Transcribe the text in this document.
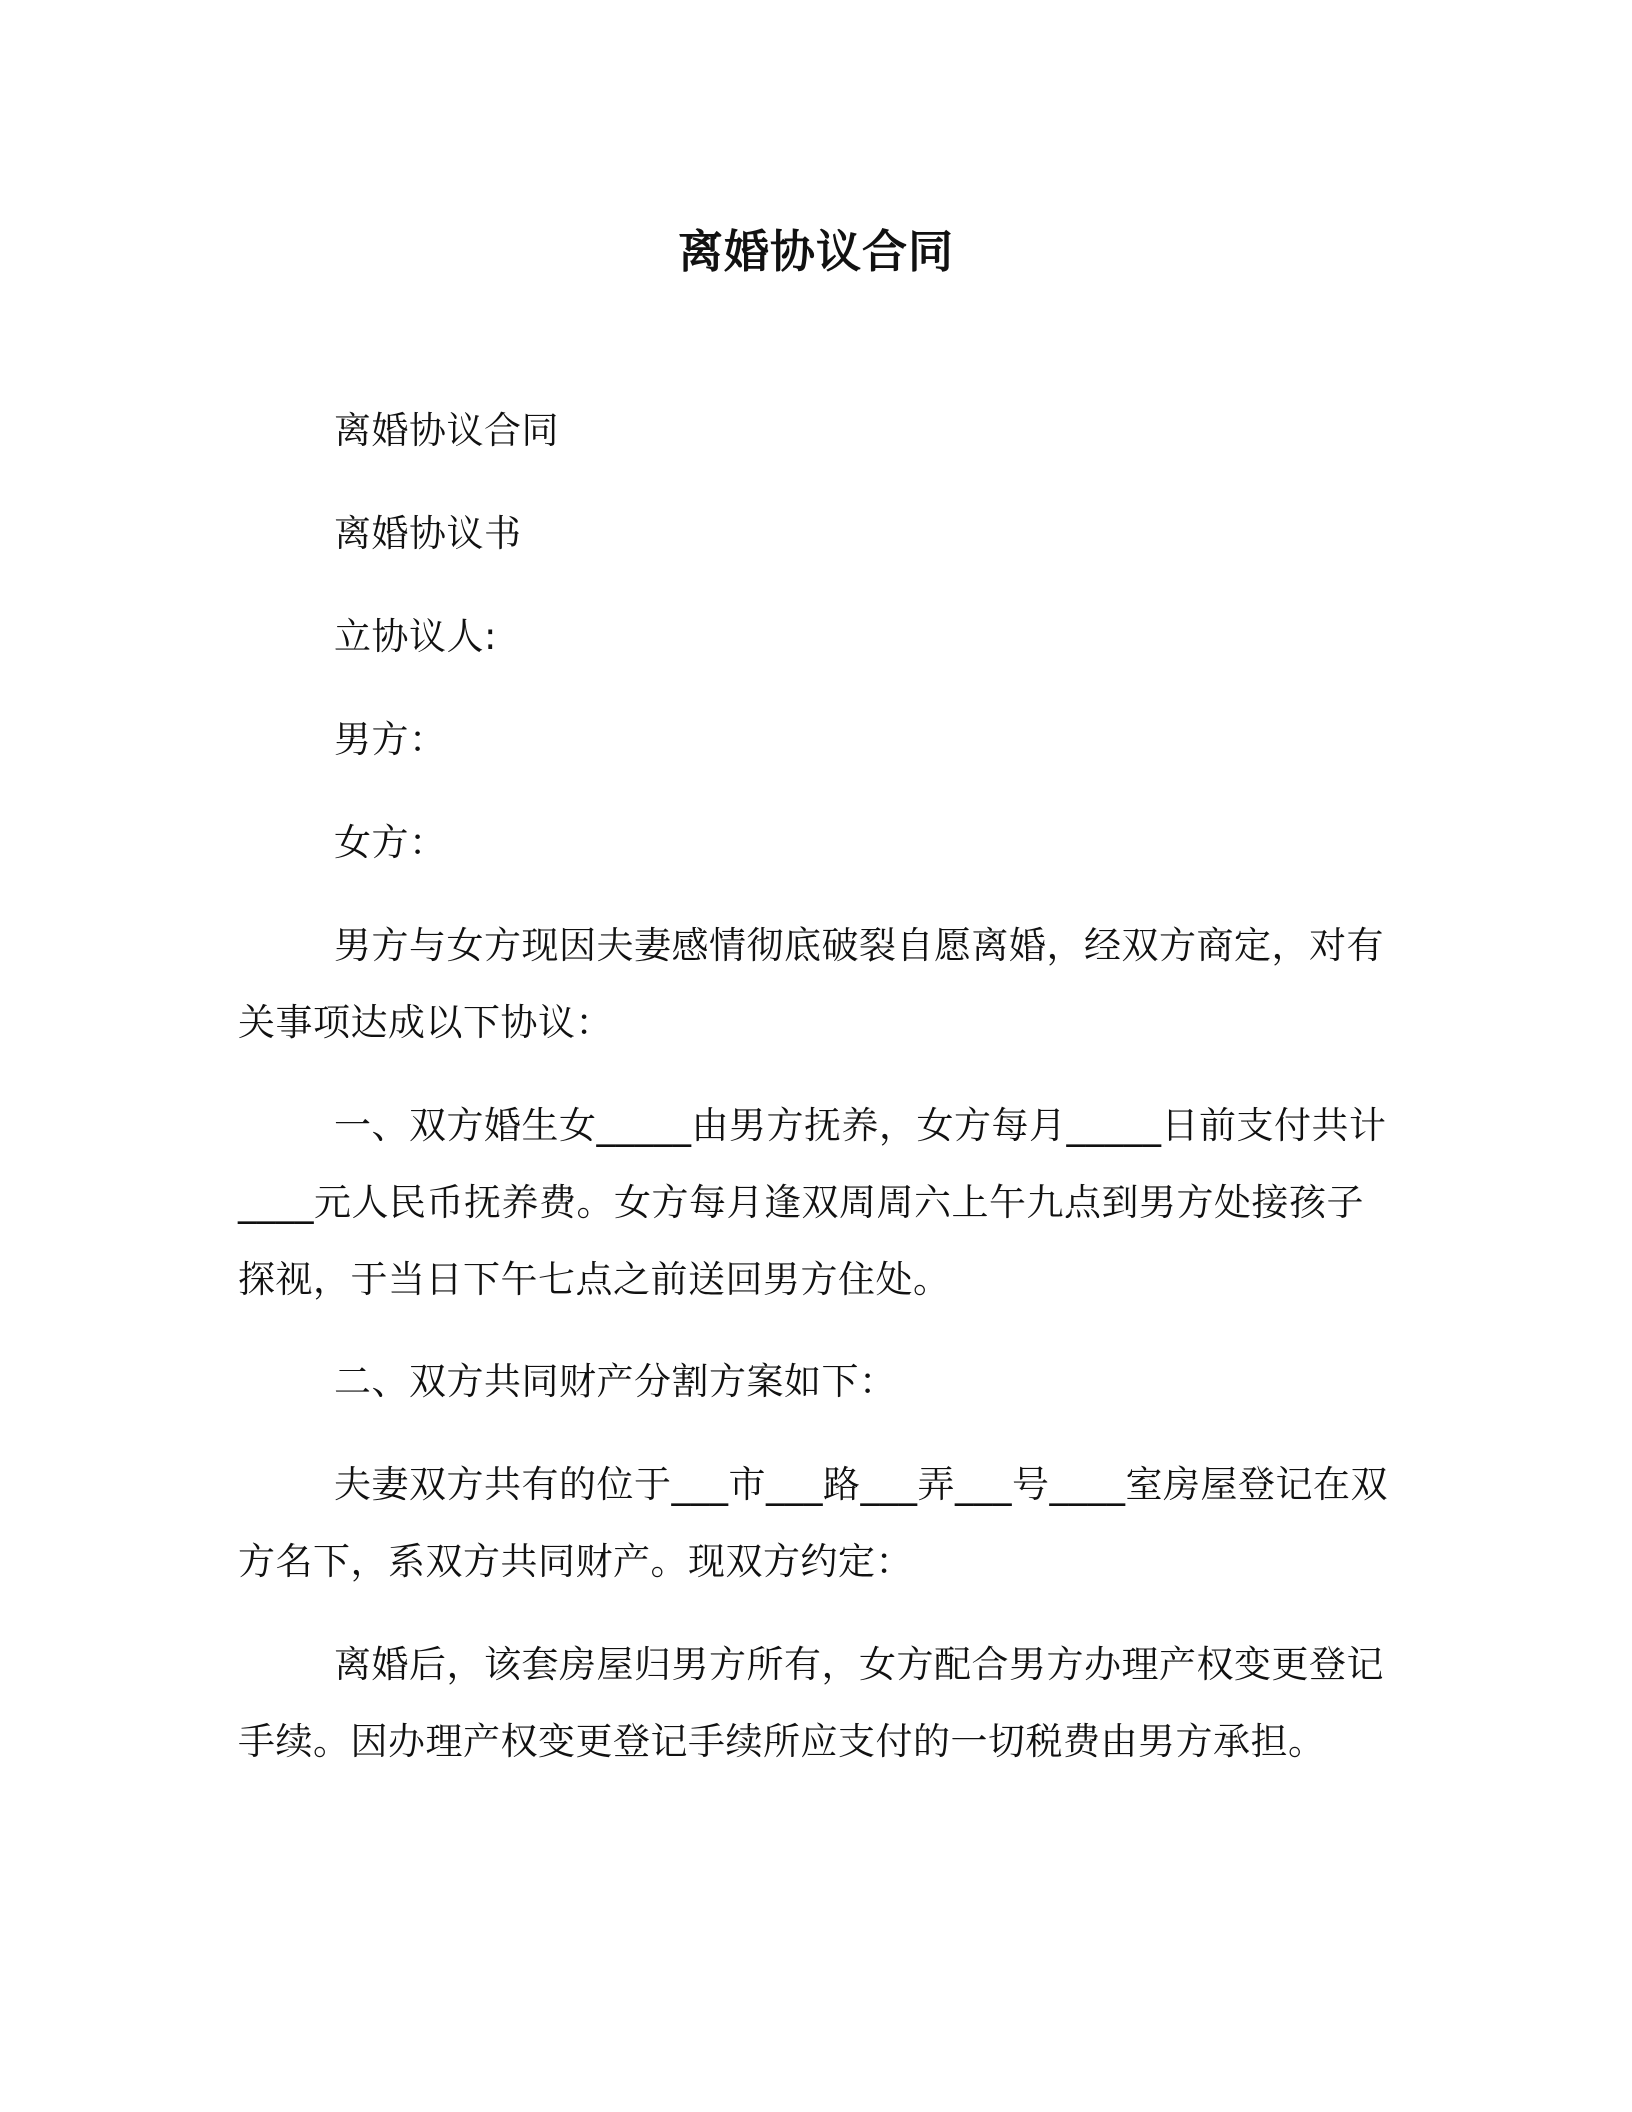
离婚协议合同

离婚协议合同

离婚协议书

立协议人:

男方：

女方：

男方与女方现因夫妻感情彻底破裂自愿离婚，经双方商定，对有关事项达成以下协议：

一、双方婚生女_____由男方抚养，女方每月_____日前支付共计____元人民币抚养费。女方每月逢双周周六上午九点到男方处接孩子探视，于当日下午七点之前送回男方住处。

二、双方共同财产分割方案如下：

夫妻双方共有的位于___市___路___弄___号____室房屋登记在双方名下，系双方共同财产。现双方约定：

离婚后，该套房屋归男方所有，女方配合男方办理产权变更登记手续。因办理产权变更登记手续所应支付的一切税费由男方承担。
